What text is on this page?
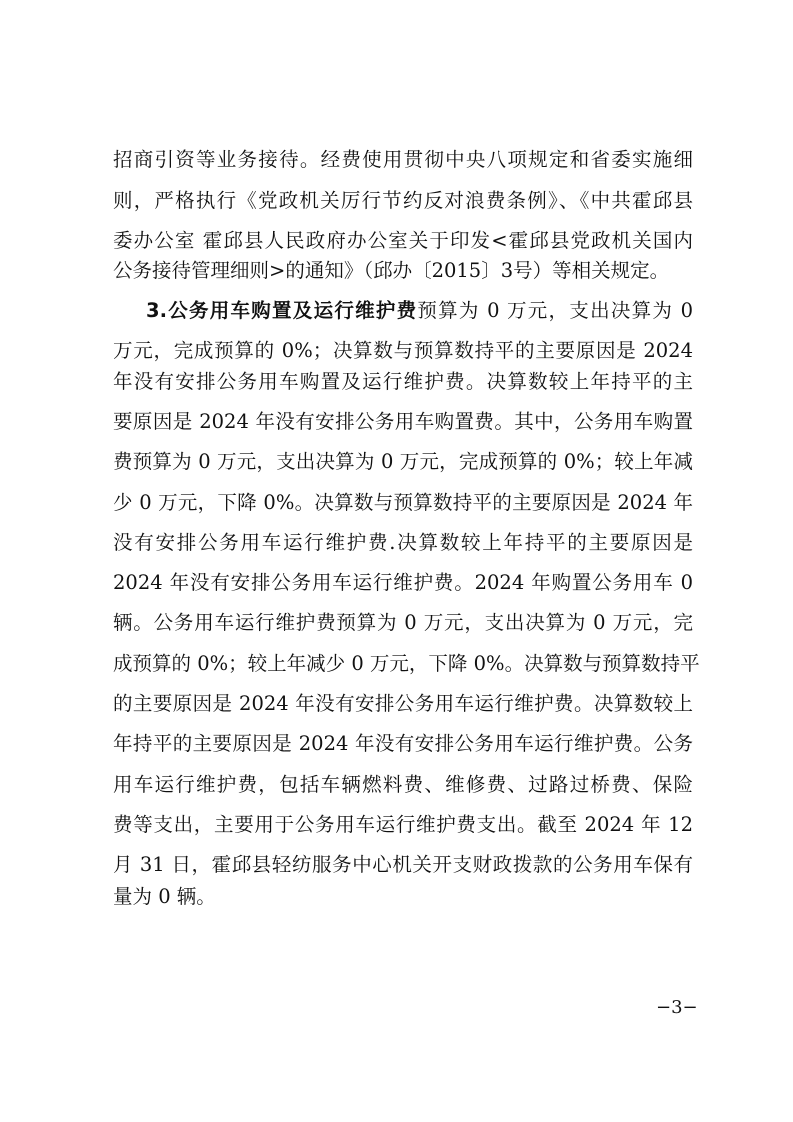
招商引资等业务接待。经费使用贯彻中央八项规定和省委实施细
则，严格执行《党政机关厉行节约反对浪费条例》、《中共霍邱县
委办公室 霍邱县人民政府办公室关于印发<霍邱县党政机关国内
公务接待管理细则>的通知》（邱办〔2015〕3号）等相关规定。
3.公务用车购置及运行维护费预算为 0 万元，支出决算为 0
万元，完成预算的 0%；决算数与预算数持平的主要原因是 2024
年没有安排公务用车购置及运行维护费。决算数较上年持平的主
要原因是 2024 年没有安排公务用车购置费。其中，公务用车购置
费预算为 0 万元，支出决算为 0 万元，完成预算的 0%；较上年减
少 0 万元，下降 0%。决算数与预算数持平的主要原因是 2024 年
没有安排公务用车运行维护费.决算数较上年持平的主要原因是
2024 年没有安排公务用车运行维护费。2024 年购置公务用车 0
辆。公务用车运行维护费预算为 0 万元，支出决算为 0 万元，完
成预算的 0%；较上年减少 0 万元，下降 0%。决算数与预算数持平
的主要原因是 2024 年没有安排公务用车运行维护费。决算数较上
年持平的主要原因是 2024 年没有安排公务用车运行维护费。公务
用车运行维护费，包括车辆燃料费、维修费、过路过桥费、保险
费等支出，主要用于公务用车运行维护费支出。截至 2024 年 12
月 31 日，霍邱县轻纺服务中心机关开支财政拨款的公务用车保有
量为 0 辆。
−3−
